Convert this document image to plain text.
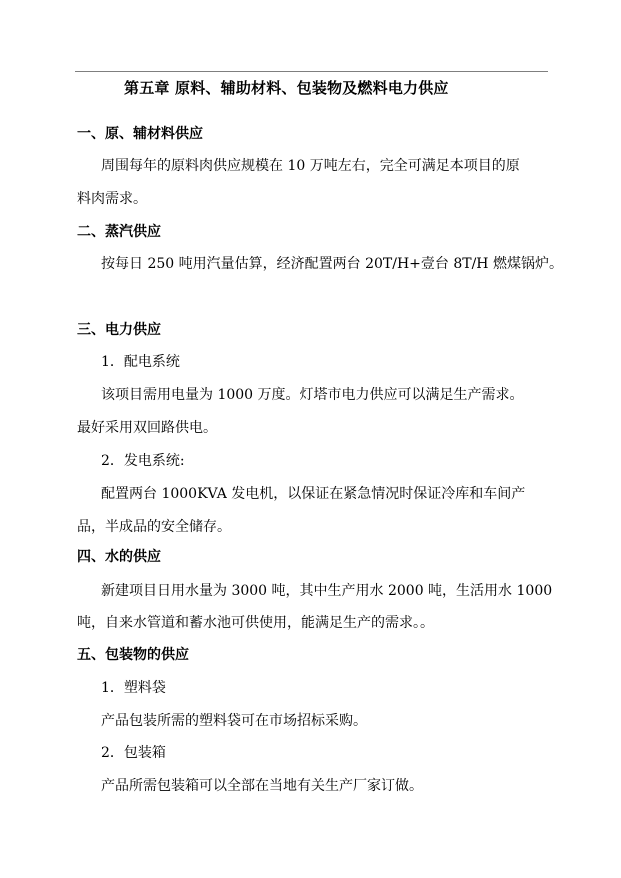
第五章 原料、辅助材料、包装物及燃料电力供应
一、原、辅材料供应
周围每年的原料肉供应规模在 10 万吨左右，完全可满足本项目的原
料肉需求。
二、蒸汽供应
按每日 250 吨用汽量估算，经济配置两台 20T/H+壹台 8T/H 燃煤锅炉。
三、电力供应
1．配电系统
该项目需用电量为 1000 万度。灯塔市电力供应可以满足生产需求。
最好采用双回路供电。
2．发电系统:
配置两台 1000KVA 发电机，以保证在紧急情况时保证冷库和车间产
品，半成品的安全储存。
四、水的供应
新建项目日用水量为 3000 吨，其中生产用水 2000 吨，生活用水 1000
吨，自来水管道和蓄水池可供使用，能满足生产的需求。。
五、包装物的供应
1．塑料袋
产品包装所需的塑料袋可在市场招标采购。
2．包装箱
产品所需包装箱可以全部在当地有关生产厂家订做。
